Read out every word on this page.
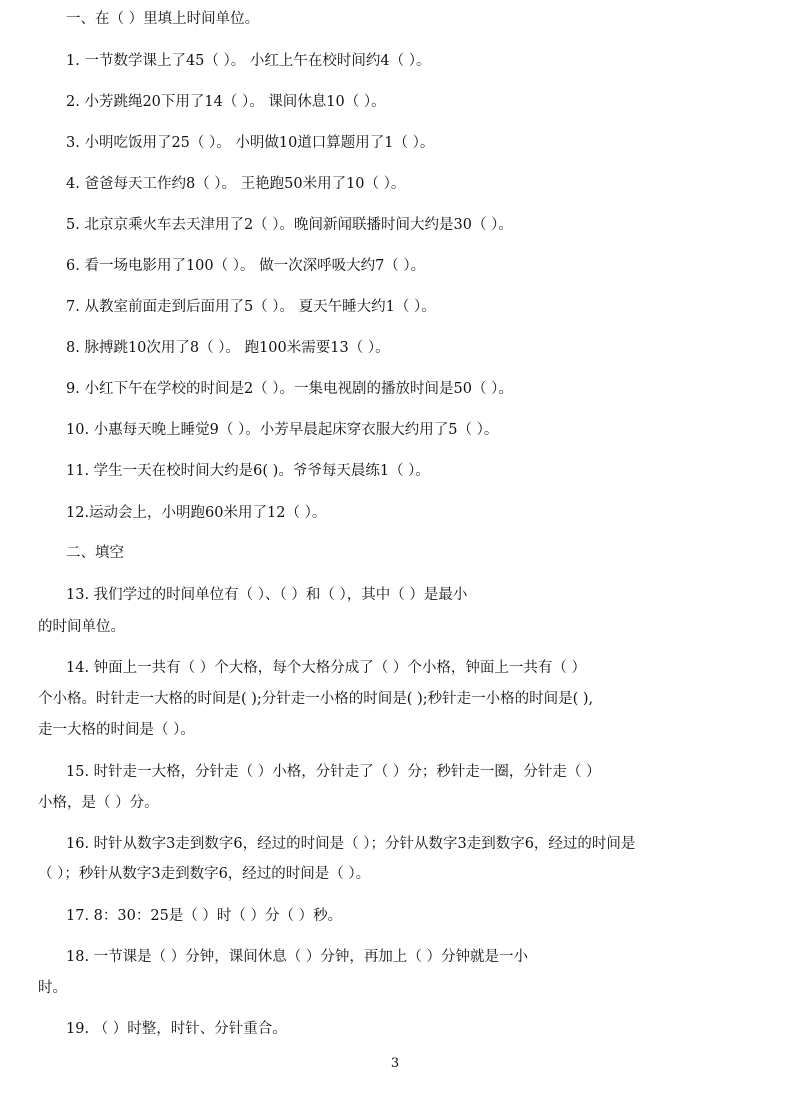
一、在（ ）里填上时间单位。
1. 一节数学课上了45（ ）。 小红上午在校时间约4（ ）。
2. 小芳跳绳20下用了14（ ）。 课间休息10（ ）。
3. 小明吃饭用了25（ ）。 小明做10道口算题用了1（ ）。
4. 爸爸每天工作约8（ ）。 王艳跑50米用了10（ ）。
5. 北京京乘火车去天津用了2（ ）。晚间新闻联播时间大约是30（ ）。
6. 看一场电影用了100（ ）。 做一次深呼吸大约7（ ）。
7. 从教室前面走到后面用了5（ ）。 夏天午睡大约1（ ）。
8. 脉搏跳10次用了8（ ）。 跑100米需要13（ ）。
9. 小红下午在学校的时间是2（ ）。一集电视剧的播放时间是50（ ）。
10. 小惠每天晚上睡觉9（ ）。小芳早晨起床穿衣服大约用了5（ ）。
11. 学生一天在校时间大约是6( )。爷爷每天晨练1（ ）。
12.运动会上，小明跑60米用了12（ ）。
二、填空
13. 我们学过的时间单位有（ ）、（ ）和（ ），其中（ ）是最小
的时间单位。
14. 钟面上一共有（ ）个大格，每个大格分成了（ ）个小格，钟面上一共有（ ）
个小格。时针走一大格的时间是( );分针走一小格的时间是( );秒针走一小格的时间是( ),
走一大格的时间是（ ）。
15. 时针走一大格，分针走（ ）小格，分针走了（ ）分；秒针走一圈，分针走（ ）
小格，是（ ）分。
16. 时针从数字3走到数字6，经过的时间是（ ）；分针从数字3走到数字6，经过的时间是
（ ）；秒针从数字3走到数字6，经过的时间是（ ）。
17. 8：30：25是（ ）时（ ）分（ ）秒。
18. 一节课是（ ）分钟，课间休息（ ）分钟，再加上（ ）分钟就是一小
时。
19. （ ）时整，时针、分针重合。
3
